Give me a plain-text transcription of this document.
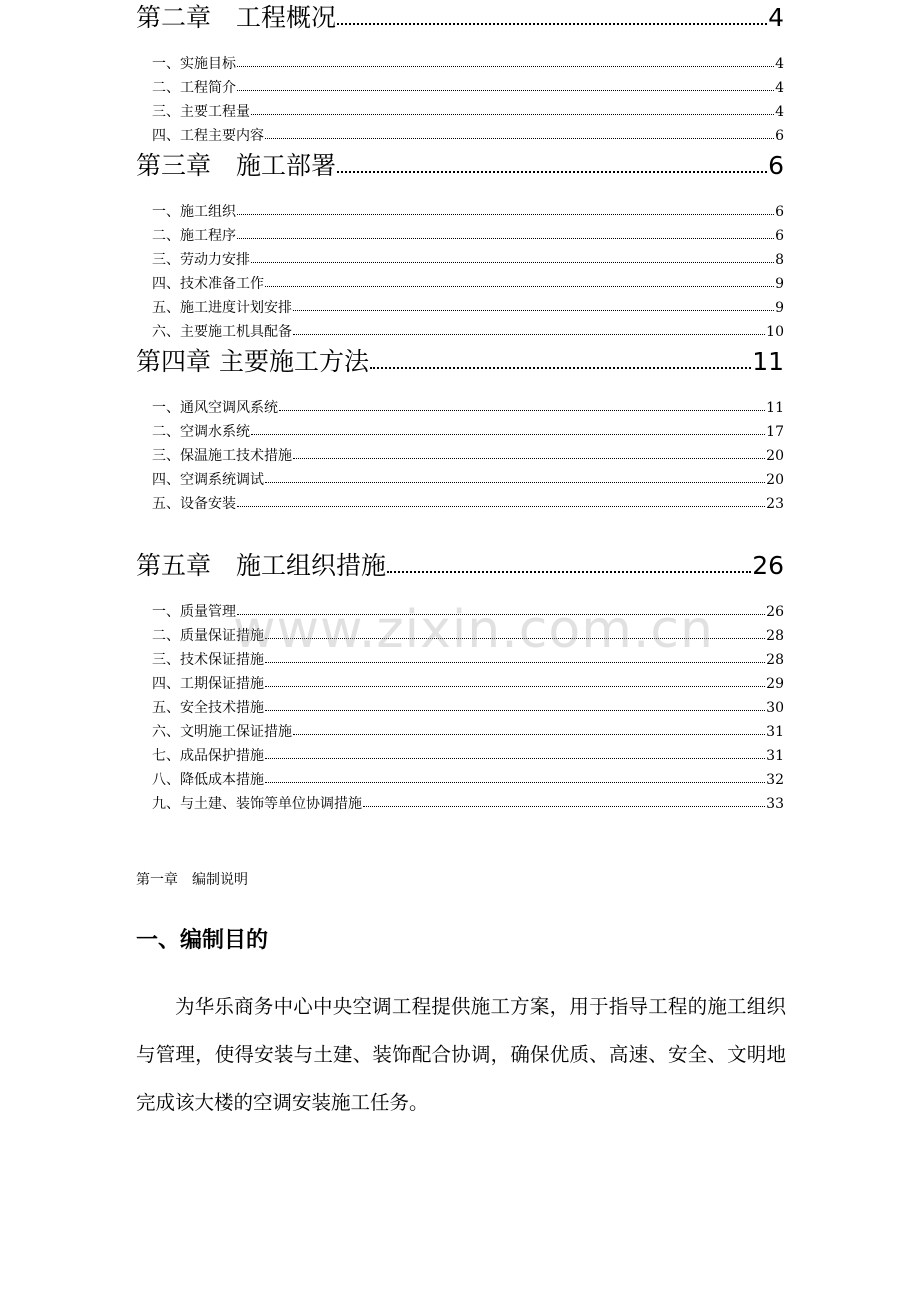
第二章　工程概况	4
一、实施目标	4
二、工程简介	4
三、主要工程量	4
四、工程主要内容	6
第三章　施工部署	6
一、施工组织	6
二、施工程序	6
三、劳动力安排	8
四、技术准备工作	9
五、施工进度计划安排	9
六、主要施工机具配备	10
第四章 主要施工方法	11
一、通风空调风系统	11
二、空调水系统	17
三、保温施工技术措施	20
四、空调系统调试	20
五、设备安装	23
第五章　施工组织措施	26
一、质量管理	26
二、质量保证措施	28
三、技术保证措施	28
四、工期保证措施	29
五、安全技术措施	30
六、文明施工保证措施	31
七、成品保护措施	31
八、降低成本措施	32
九、与土建、装饰等单位协调措施	33
www.zixin.com.cn
第一章　编制说明
一、编制目的

为华乐商务中心中央空调工程提供施工方案，用于指导工程的施工组织与管理，使得安装与土建、装饰配合协调，确保优质、高速、安全、文明地完成该大楼的空调安装施工任务。
